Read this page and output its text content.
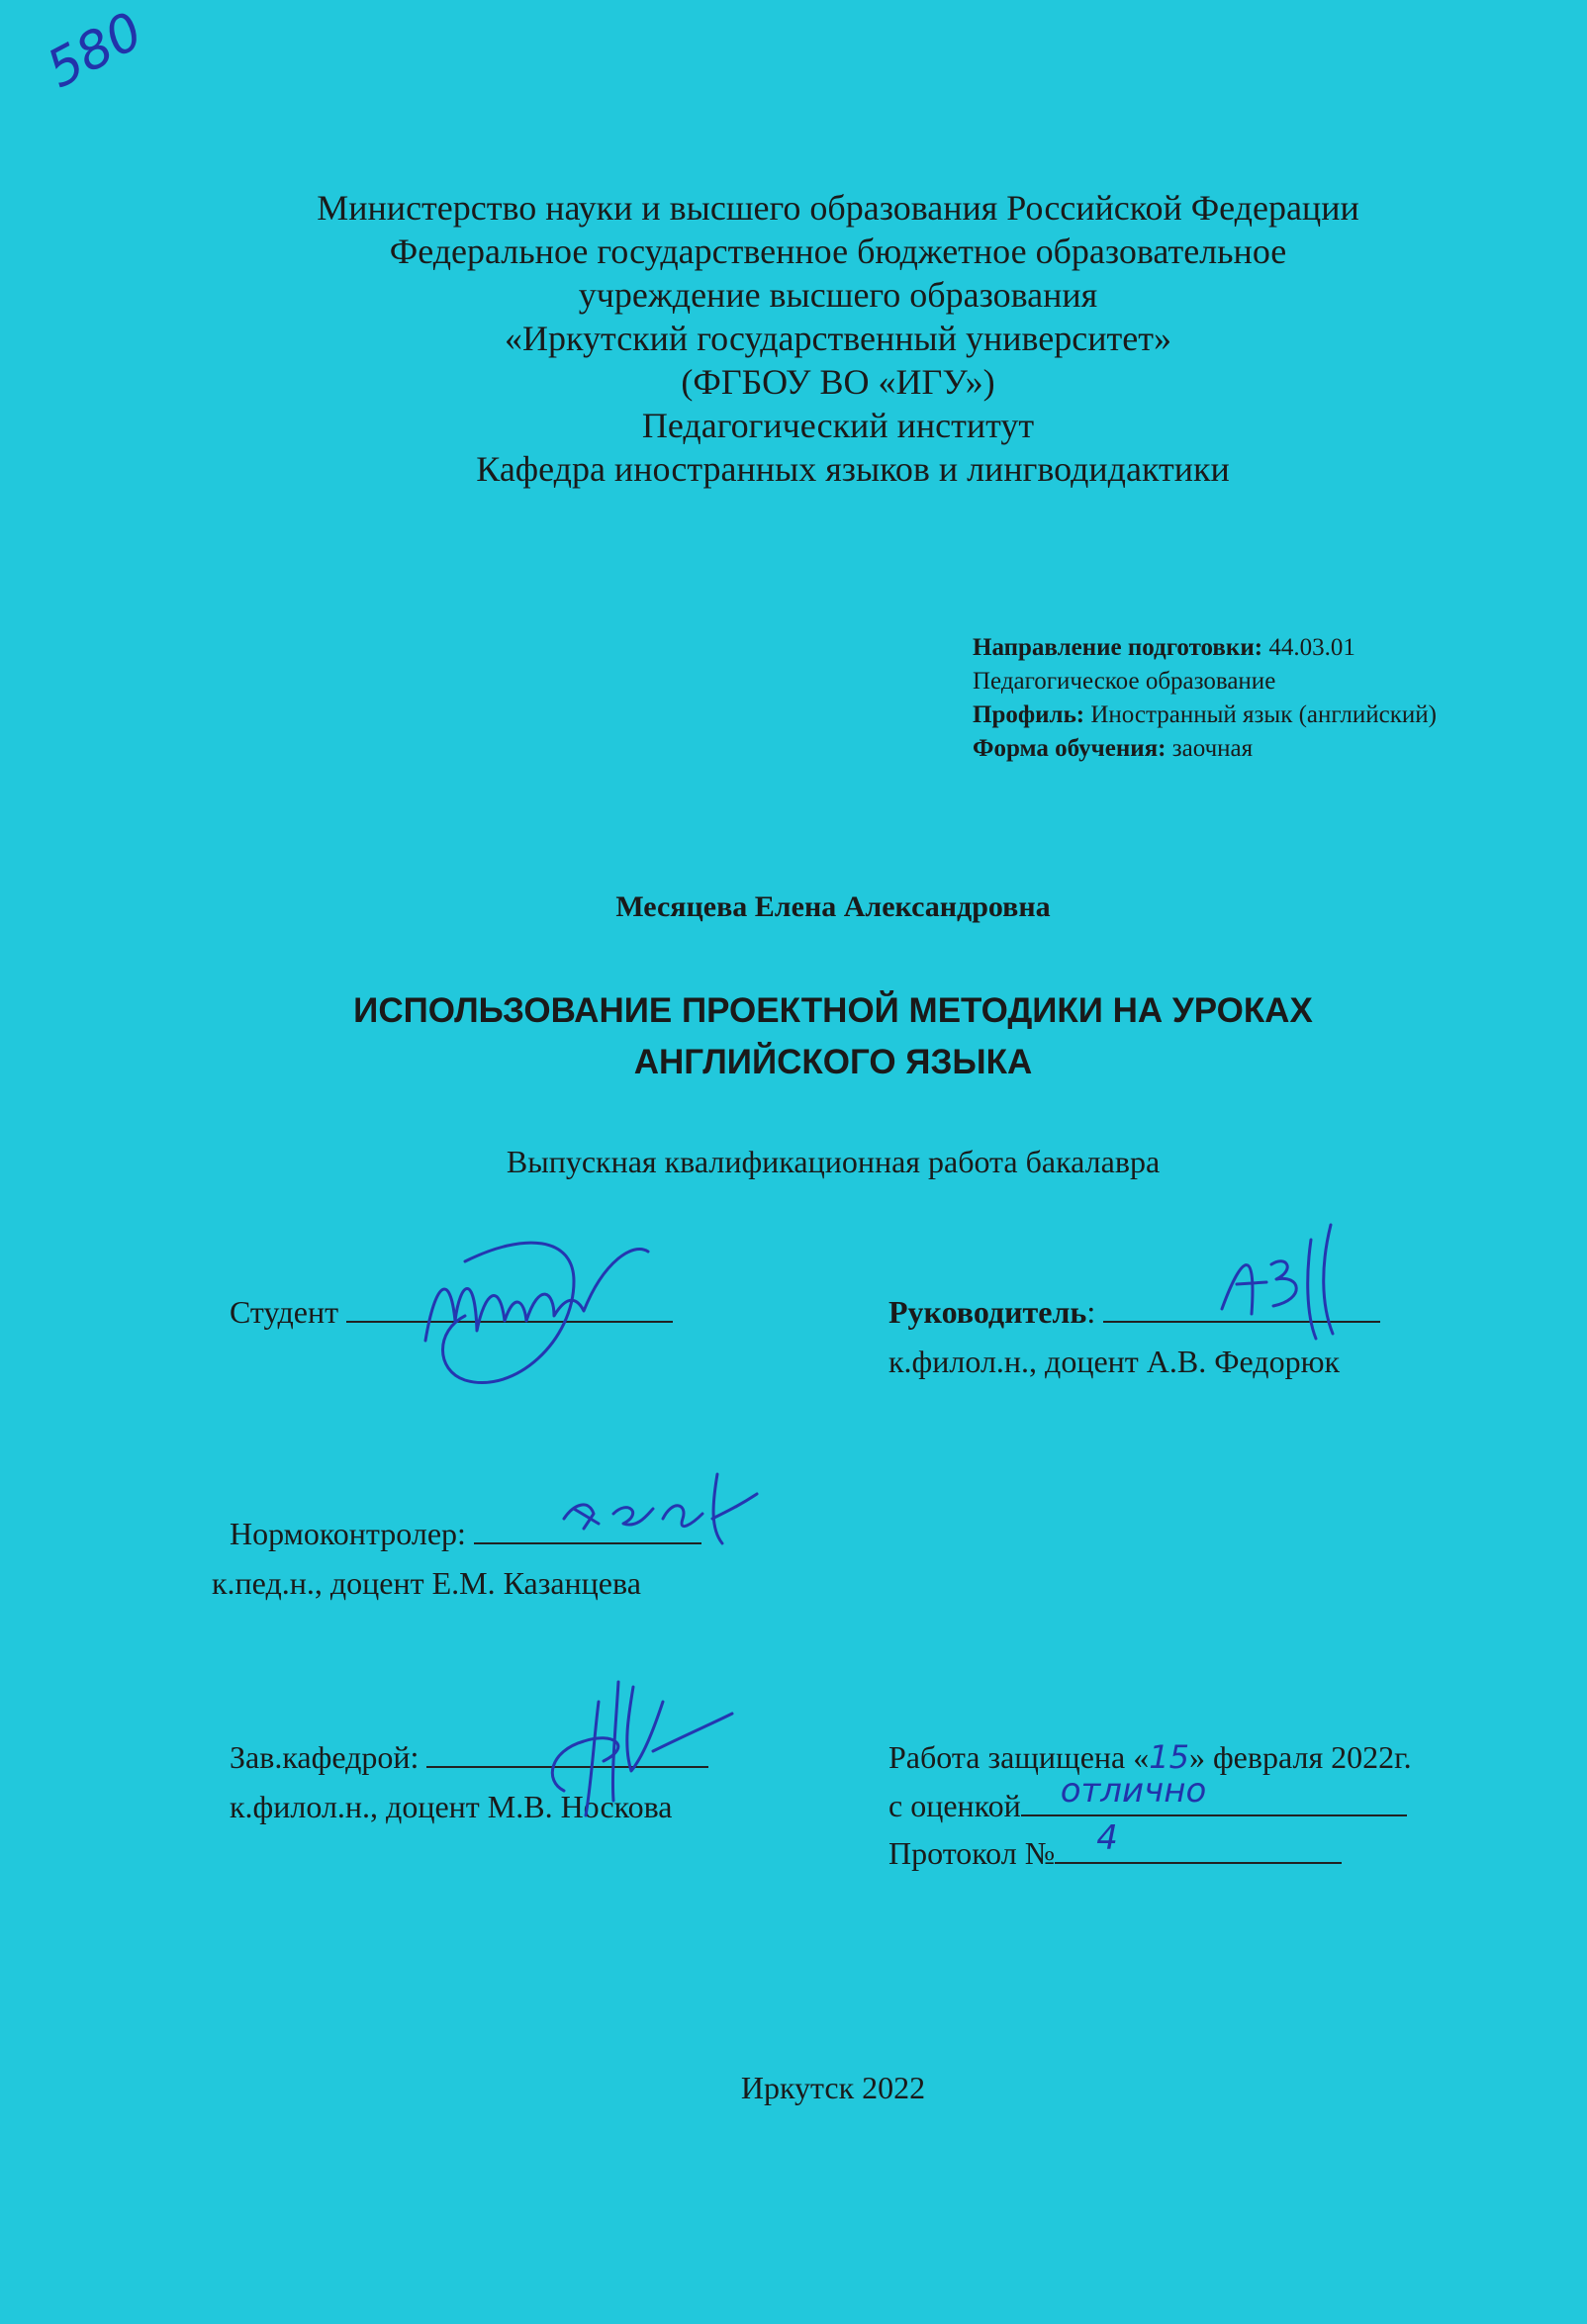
580
Министерство науки и высшего образования Российской Федерации
Федеральное государственное бюджетное образовательное
учреждение высшего образования
«Иркутский государственный университет»
(ФГБОУ ВО «ИГУ»)
Педагогический институт
Кафедра иностранных языков и лингводидактики
Направление подготовки: 44.03.01
Педагогическое образование
Профиль: Иностранный язык (английский)
Форма обучения: заочная
Месяцева Елена Александровна
ИСПОЛЬЗОВАНИЕ ПРОЕКТНОЙ МЕТОДИКИ НА УРОКАХ
АНГЛИЙСКОГО ЯЗЫКА
Выпускная квалификационная работа бакалавра
Студент	Руководитель:
к.филол.н., доцент А.В. Федорюк
Нормоконтролер:
к.пед.н., доцент Е.М. Казанцева
Зав.кафедрой:
к.филол.н., доцент М.В. Носкова
Работа защищена «15» февраля 2022г.
с оценкой отлично
Протокол № 4
Иркутск 2022
